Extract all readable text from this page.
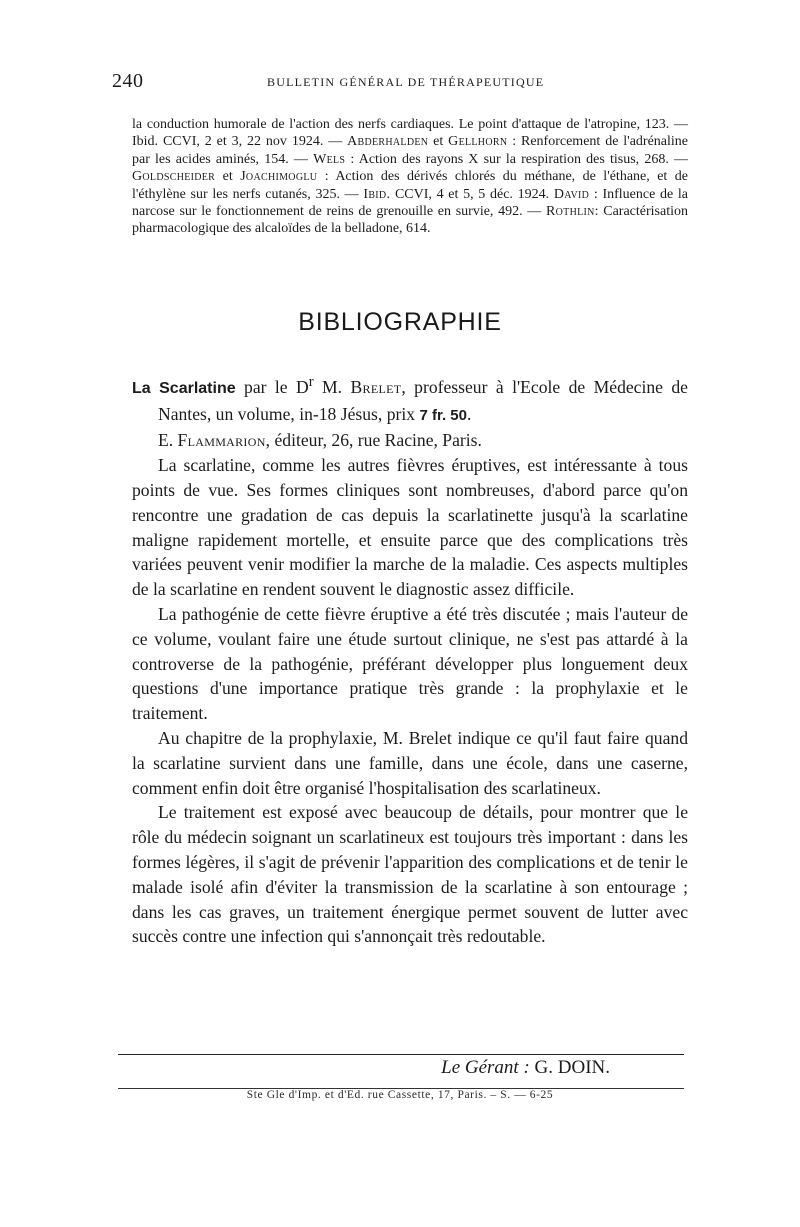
240	BULLETIN GÉNÉRAL DE THÉRAPEUTIQUE
la conduction humorale de l'action des nerfs cardiaques. Le point d'attaque de l'atropine, 123. — Ibid. CCVI, 2 et 3, 22 nov 1924. — Abderhalden et Gellhorn : Renforcement de l'adrénaline par les acides aminés, 154. — Wels : Action des rayons X sur la respiration des tisus, 268. — Goldscheider et Joachimoglu : Action des dérivés chlorés du méthane, de l'éthane, et de l'éthylène sur les nerfs cutanés, 325. — Ibid. CCVI, 4 et 5, 5 déc. 1924. David : Influence de la narcose sur le fonctionnement de reins de grenouille en survie, 492. — Rothlin: Caractérisation pharmacologique des alcaloïdes de la belladone, 614.
BIBLIOGRAPHIE

La Scarlatine par le $D^r$ M. Brelet, professeur à l'Ecole de Médecine de Nantes, un volume, in-18 Jésus, prix 7 fr. 50.

E. Flammarion, éditeur, 26, rue Racine, Paris.

La scarlatine, comme les autres fièvres éruptives, est intéressante à tous points de vue. Ses formes cliniques sont nombreuses, d'abord parce qu'on rencontre une gradation de cas depuis la scarlatinette jusqu'à la scarlatine maligne rapidement mortelle, et ensuite parce que des complications très variées peuvent venir modifier la marche de la maladie. Ces aspects multiples de la scarlatine en rendent souvent le diagnostic assez difficile.

La pathogénie de cette fièvre éruptive a été très discutée ; mais l'auteur de ce volume, voulant faire une étude surtout clinique, ne s'est pas attardé à la controverse de la pathogénie, préférant développer plus longuement deux questions d'une importance pratique très grande : la prophylaxie et le traitement.

Au chapitre de la prophylaxie, M. Brelet indique ce qu'il faut faire quand la scarlatine survient dans une famille, dans une école, dans une caserne, comment enfin doit être organisé l'hospitalisation des scarlatineux.

Le traitement est exposé avec beaucoup de détails, pour montrer que le rôle du médecin soignant un scarlatineux est toujours très important : dans les formes légères, il s'agit de prévenir l'apparition des complications et de tenir le malade isolé afin d'éviter la transmission de la scarlatine à son entourage ; dans les cas graves, un traitement énergique permet souvent de lutter avec succès contre une infection qui s'annonçait très redoutable.

Le Gérant : G. DOIN.
Ste Gle d'Imp. et d'Ed. rue Cassette, 17, Paris. – S. — 6-25
